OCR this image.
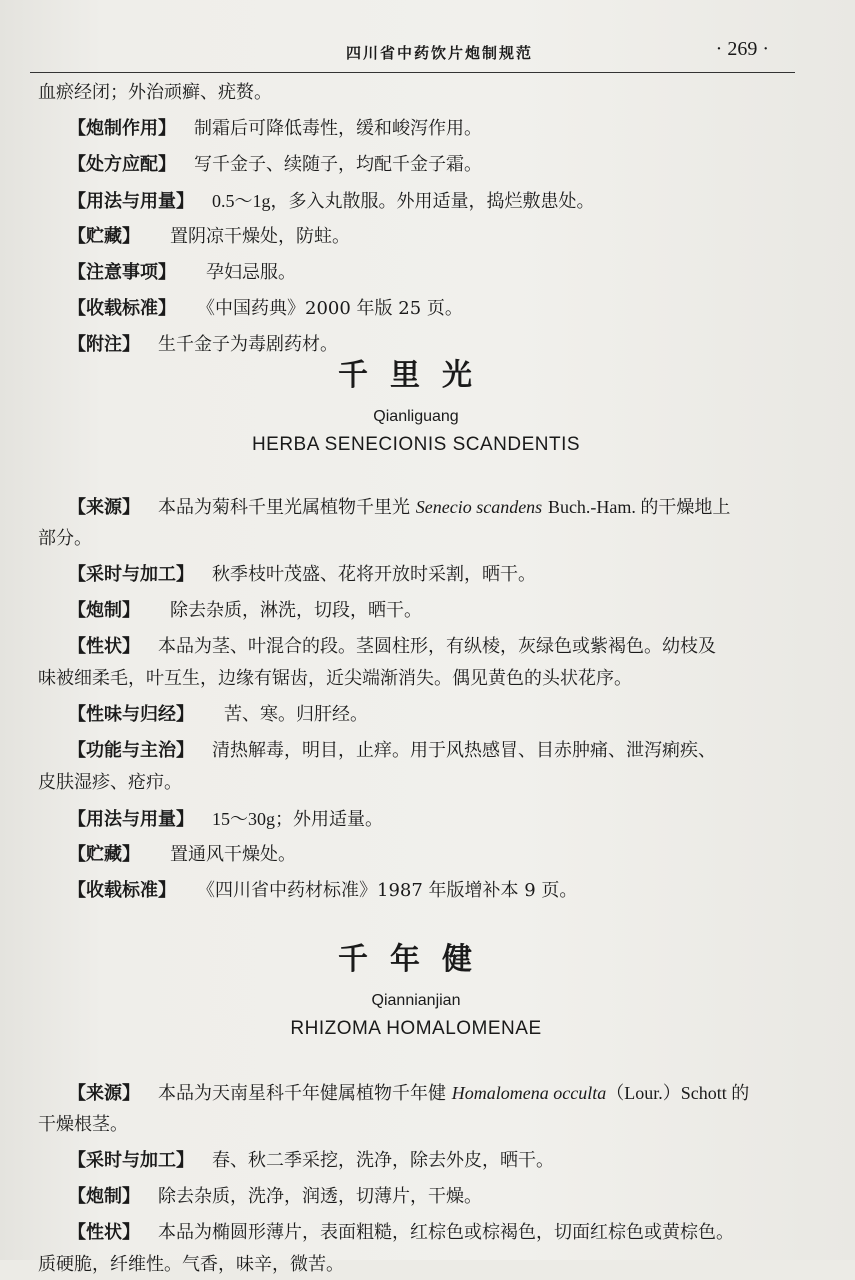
四川省中药饮片炮制规范	· 269 ·
血瘀经闭；外治顽癣、疣赘。
【炮制作用】 制霜后可降低毒性，缓和峻泻作用。
【处方应配】 写千金子、续随子，均配千金子霜。
【用法与用量】 0.5～1g，多入丸散服。外用适量，捣烂敷患处。
【贮藏】 置阴凉干燥处，防蛀。
【注意事项】 孕妇忌服。
【收载标准】 《中国药典》2000 年版 25 页。
【附注】 生千金子为毒剧药材。
千里光
Qianliguang
HERBA SENECIONIS SCANDENTIS
【来源】 本品为菊科千里光属植物千里光 Senecio scandens Buch.-Ham. 的干燥地上
部分。
【采时与加工】 秋季枝叶茂盛、花将开放时采割，晒干。
【炮制】 除去杂质，淋洗，切段，晒干。
【性状】 本品为茎、叶混合的段。茎圆柱形，有纵棱，灰绿色或紫褐色。幼枝及
味被细柔毛，叶互生，边缘有锯齿，近尖端渐消失。偶见黄色的头状花序。
【性味与归经】 苦、寒。归肝经。
【功能与主治】 清热解毒，明目，止痒。用于风热感冒、目赤肿痛、泄泻痢疾、
皮肤湿疹、疮疖。
【用法与用量】 15～30g；外用适量。
【贮藏】 置通风干燥处。
【收载标准】 《四川省中药材标准》1987 年版增补本 9 页。
千年健
Qiannianjian
RHIZOMA HOMALOMENAE
【来源】 本品为天南星科千年健属植物千年健 Homalomena occulta（Lour.）Schott 的
干燥根茎。
【采时与加工】 春、秋二季采挖，洗净，除去外皮，晒干。
【炮制】 除去杂质，洗净，润透，切薄片，干燥。
【性状】 本品为椭圆形薄片，表面粗糙，红棕色或棕褐色，切面红棕色或黄棕色。
质硬脆，纤维性。气香，味辛，微苦。
